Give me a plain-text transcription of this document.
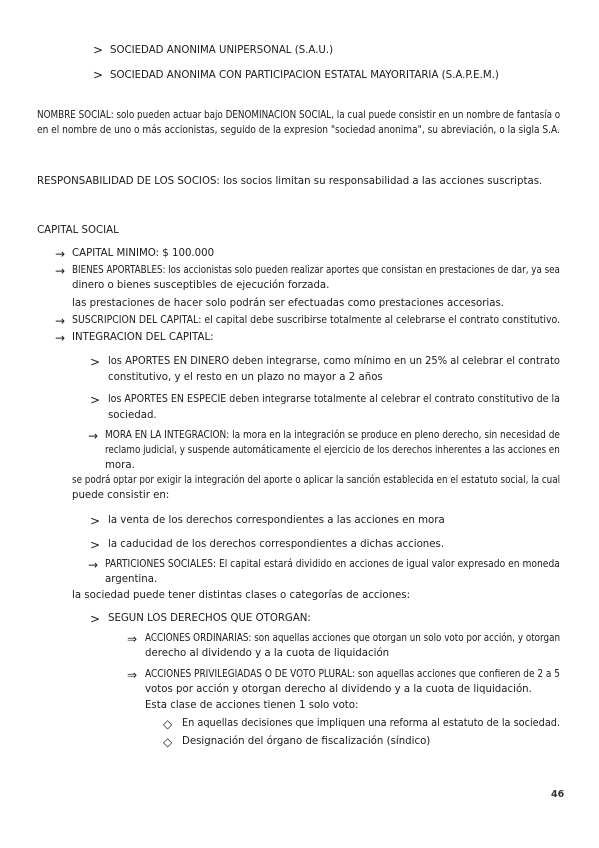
>
>
→
→
→
→
>
>
→
>
>
→
>
⇒
⇒
◇
◇
SOCIEDAD ANONIMA UNIPERSONAL (S.A.U.)
SOCIEDAD ANONIMA CON PARTICIPACION ESTATAL MAYORITARIA (S.A.P.E.M.)
NOMBRE SOCIAL: solo pueden actuar bajo DENOMINACION SOCIAL, la cual puede consistir en un nombre de fantasía o
en el nombre de uno o más accionistas, seguido de la expresion "sociedad anonima", su abreviación, o la sigla S.A.
RESPONSABILIDAD DE LOS SOCIOS: los socios limitan su responsabilidad a las acciones suscriptas.
CAPITAL SOCIAL
CAPITAL MINIMO: $ 100.000
BIENES APORTABLES: los accionistas solo pueden realizar aportes que consistan en prestaciones de dar, ya sea
dinero o bienes susceptibles de ejecución forzada.
las prestaciones de hacer solo podrán ser efectuadas como prestaciones accesorias.
SUSCRIPCION DEL CAPITAL: el capital debe suscribirse totalmente al celebrarse el contrato constitutivo.
INTEGRACION DEL CAPITAL:
los APORTES EN DINERO deben integrarse, como mínimo en un 25% al celebrar el contrato
constitutivo, y el resto en un plazo no mayor a 2 años
los APORTES EN ESPECIE deben integrarse totalmente al celebrar el contrato constitutivo de la
sociedad.
MORA EN LA INTEGRACION: la mora en la integración se produce en pleno derecho, sin necesidad de
reclamo judicial, y suspende automáticamente el ejercicio de los derechos inherentes a las acciones en
mora.
se podrá optar por exigir la integración del aporte o aplicar la sanción establecida en el estatuto social, la cual
puede consistir en:
la venta de los derechos correspondientes a las acciones en mora
la caducidad de los derechos correspondientes a dichas acciones.
PARTICIONES SOCIALES: El capital estará dividido en acciones de igual valor expresado en moneda
argentina.
la sociedad puede tener distintas clases o categorías de acciones:
SEGUN LOS DERECHOS QUE OTORGAN:
ACCIONES ORDINARIAS: son aquellas acciones que otorgan un solo voto por acción, y otorgan
derecho al dividendo y a la cuota de liquidación
ACCIONES PRIVILEGIADAS O DE VOTO PLURAL: son aquellas acciones que confieren de 2 a 5
votos por acción y otorgan derecho al dividendo y a la cuota de liquidación.
Esta clase de acciones tienen 1 solo voto:
En aquellas decisiones que impliquen una reforma al estatuto de la sociedad.
Designación del órgano de fiscalización (síndico)
46
